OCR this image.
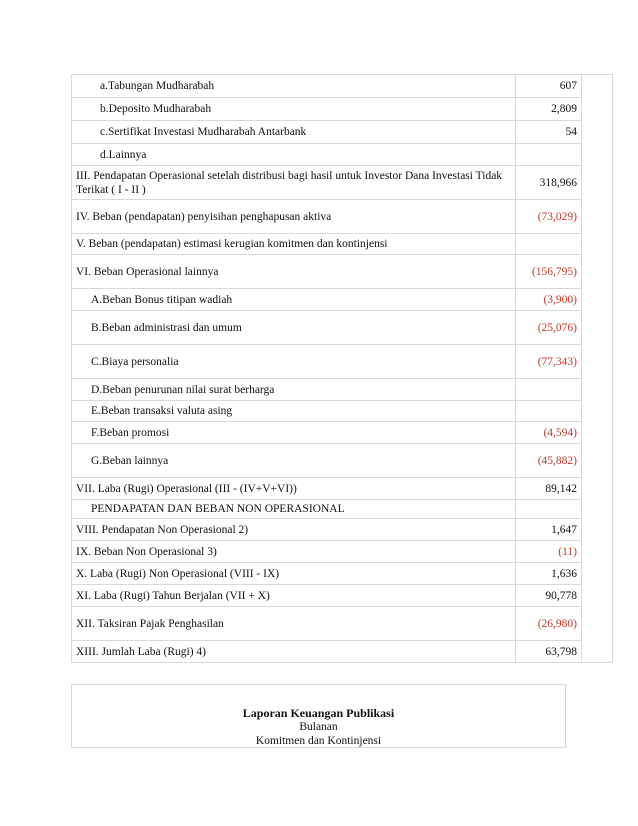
a.Tabungan Mudharabah	607	
b.Deposito Mudharabah	2,809	
c.Sertifikat Investasi Mudharabah Antarbank	54	
d.Lainnya		
III. Pendapatan Operasional setelah distribusi bagi hasil untuk Investor Dana Investasi Tidak Terikat ( I - II )	318,966	
IV. Beban (pendapatan) penyisihan penghapusan aktiva	(73,029)	
V. Beban (pendapatan) estimasi kerugian komitmen dan kontinjensi		
VI. Beban Operasional lainnya	(156,795)	
A.Beban Bonus titipan wadiah	(3,900)	
B.Beban administrasi dan umum	(25,076)	
C.Biaya personalia	(77,343)	
D.Beban penurunan nilai surat berharga		
E.Beban transaksi valuta asing		
F.Beban promosi	(4,594)	
G.Beban lainnya	(45,882)	
VII. Laba (Rugi) Operasional (III - (IV+V+VI))	89,142	
PENDAPATAN DAN BEBAN NON OPERASIONAL		
VIII. Pendapatan Non Operasional 2)	1,647	
IX. Beban Non Operasional 3)	(11)	
X. Laba (Rugi) Non Operasional (VIII - IX)	1,636	
XI. Laba (Rugi) Tahun Berjalan (VII + X)	90,778	
XII. Taksiran Pajak Penghasilan	(26,980)	
XIII. Jumlah Laba (Rugi) 4)	63,798	
Laporan Keuangan Publikasi
Bulanan
Komitmen dan Kontinjensi
